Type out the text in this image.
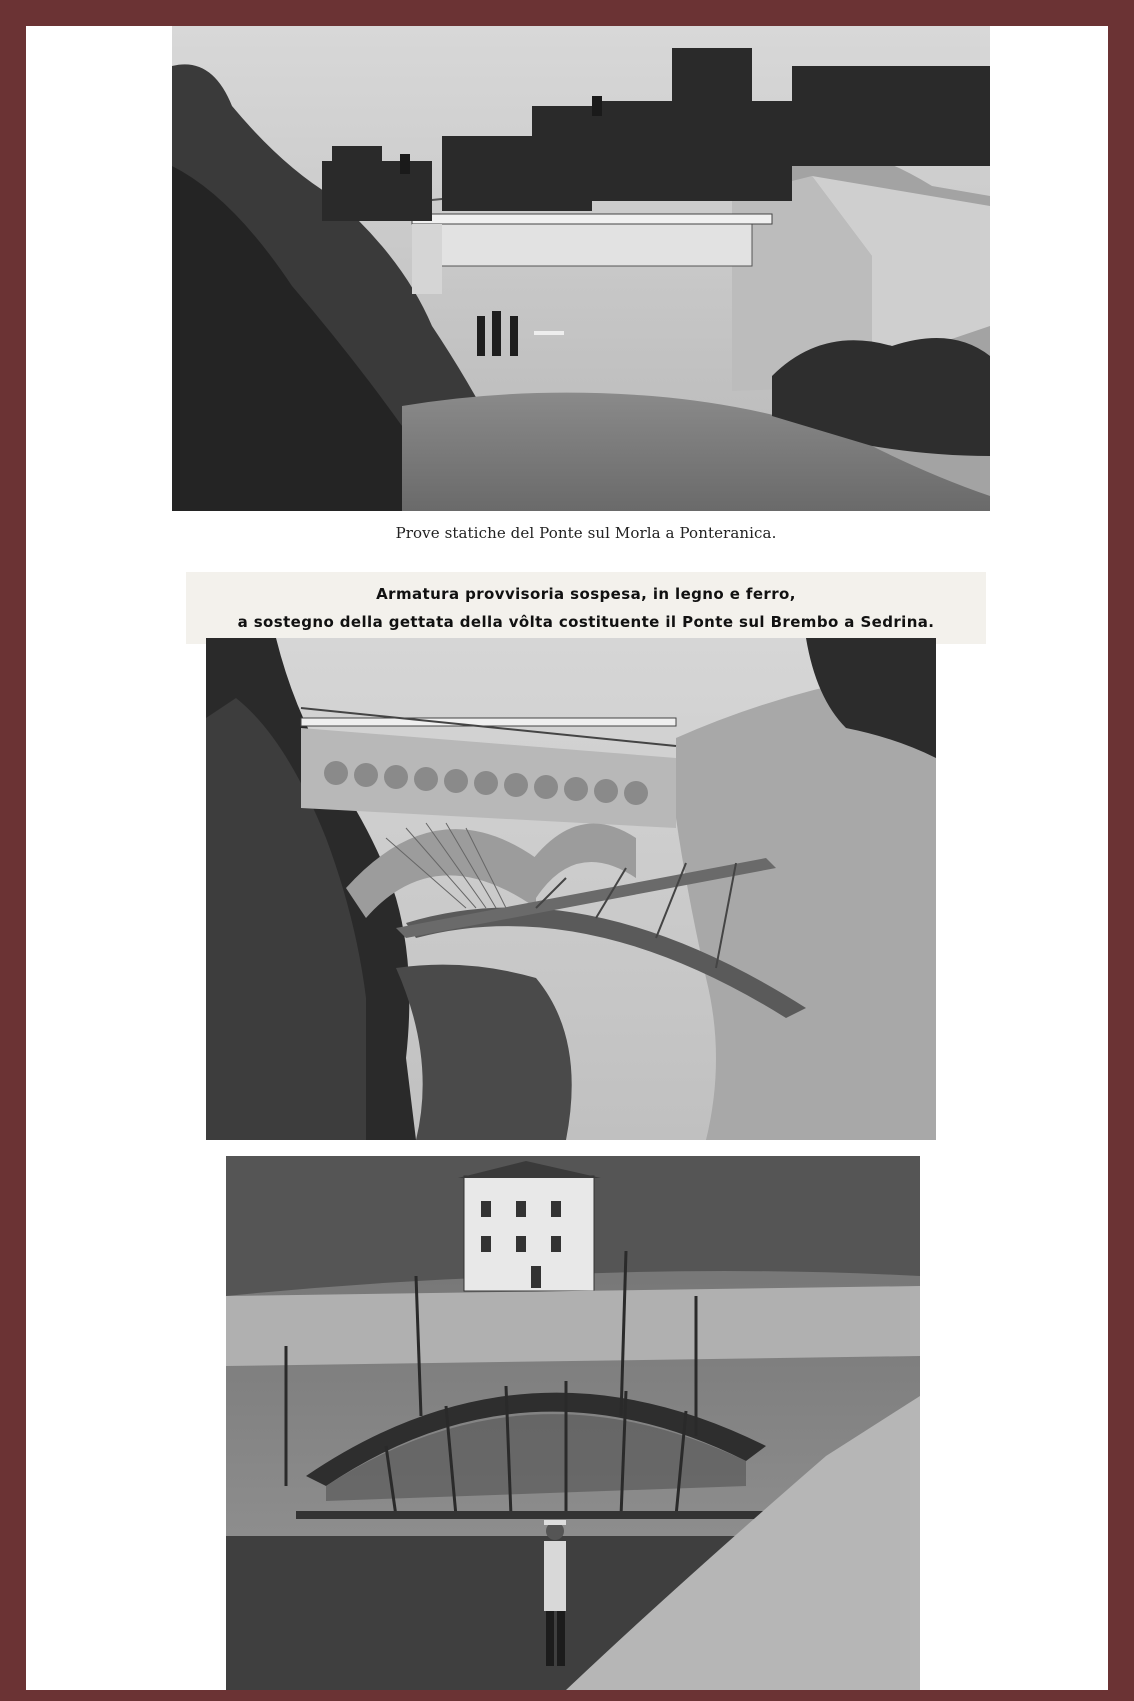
Prove statiche del Ponte sul Morla a Ponteranica.
Armatura provvisoria sospesa, in legno e ferro,
a sostegno della gettata della vôlta costituente il Ponte sul Brembo a Sedrina.
